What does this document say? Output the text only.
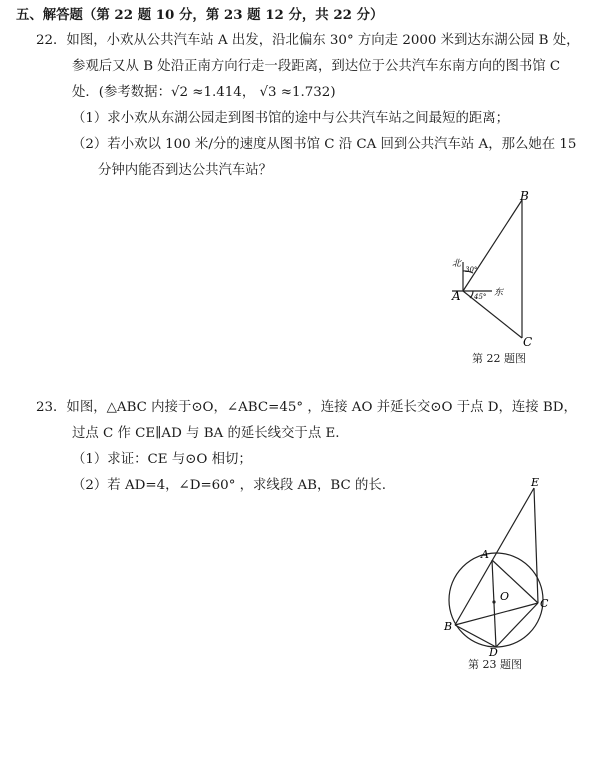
五、解答题（第 22 题 10 分，第 23 题 12 分，共 22 分）
22．如图，小欢从公共汽车站 A 出发，沿北偏东 30° 方向走 2000 米到达东湖公园 B 处，
参观后又从 B 处沿正南方向行走一段距离，到达位于公共汽车东南方向的图书馆 C
处．(参考数据：√2 ≈1.414， √3 ≈1.732)
（1）求小欢从东湖公园走到图书馆的途中与公共汽车站之间最短的距离；
（2）若小欢以 100 米/分的速度从图书馆 C 沿 CA 回到公共汽车站 A，那么她在 15
分钟内能否到达公共汽车站？
B
A
C
北
东
30°
45°
第 22 题图
23．如图，△ABC 内接于⊙O，∠ABC=45° ，连接 AO 并延长交⊙O 于点 D，连接 BD，
过点 C 作 CE∥AD 与 BA 的延长线交于点 E.
（1）求证：CE 与⊙O 相切；
（2）若 AD=4，∠D=60° ，求线段 AB，BC 的长.	E
A
O
C
B
D
第 23 题图
